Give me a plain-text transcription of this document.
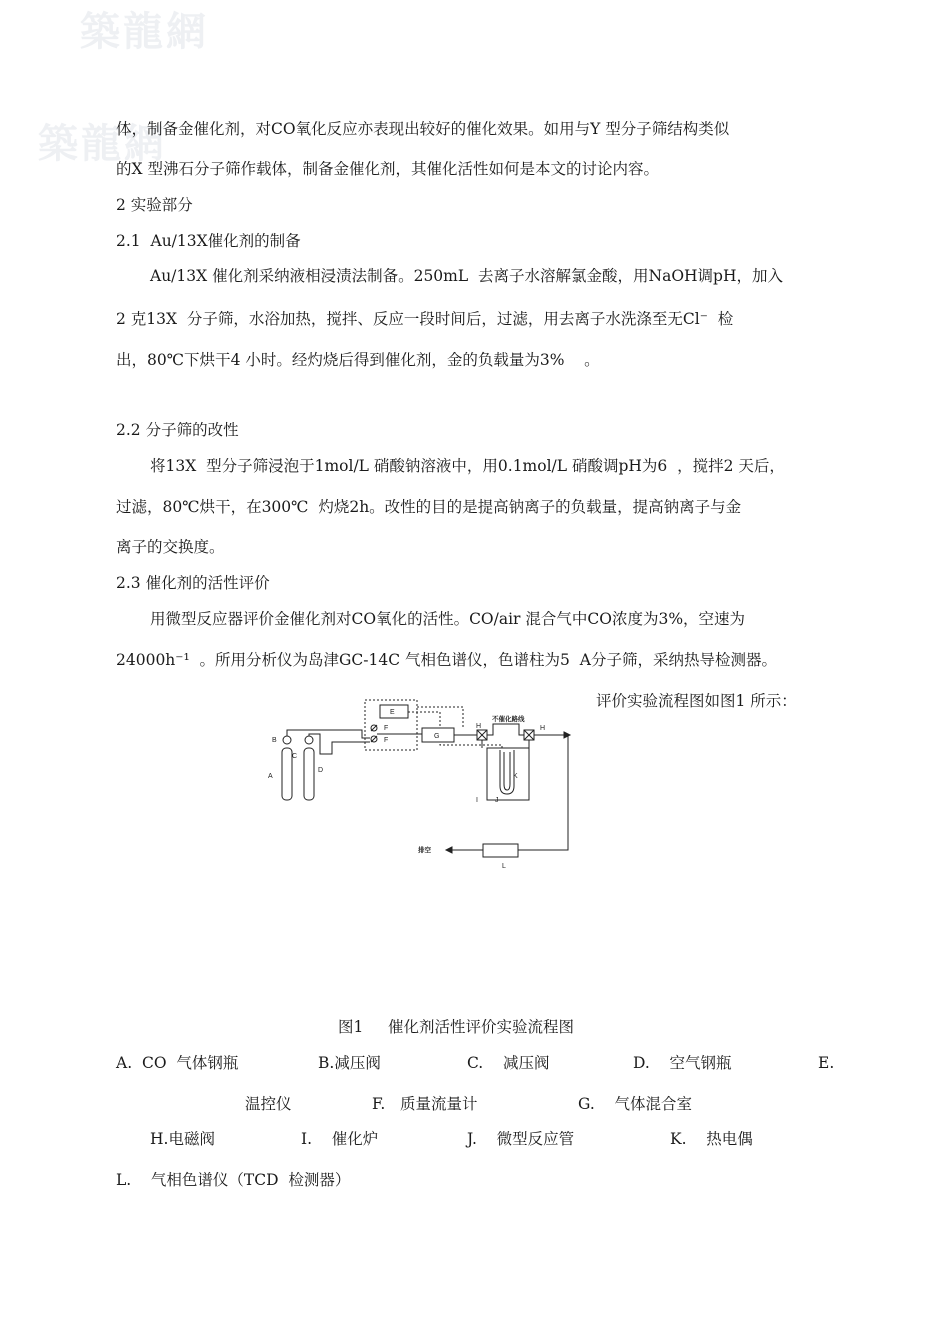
築龍網
築龍網
体，制备金催化剂，对CO氧化反应亦表现出较好的催化效果。如用与Y 型分子筛结构类似
的X 型沸石分子筛作载体，制备金催化剂，其催化活性如何是本文的讨论内容。
2 实验部分
2.1  Au/13X催化剂的制备
Au/13X 催化剂采纳液相浸渍法制备。250mL  去离子水溶解氯金酸，用NaOH调pH，加入
2 克13X  分子筛，水浴加热，搅拌、反应一段时间后，过滤，用去离子水洗涤至无Cl⁻  检
出，80℃下烘干4 小时。经灼烧后得到催化剂，金的负载量为3%    。
2.2 分子筛的改性
将13X  型分子筛浸泡于1mol/L 硝酸钠溶液中，用0.1mol/L 硝酸调pH为6  ，搅拌2 天后，
过滤，80℃烘干，在300℃  灼烧2h。改性的目的是提高钠离子的负载量，提高钠离子与金
离子的交换度。
2.3 催化剂的活性评价
用微型反应器评价金催化剂对CO氧化的活性。CO/air 混合气中CO浓度为3%，空速为
24000h⁻¹  。所用分析仪为岛津GC-14C 气相色谱仪，色谱柱为5  A分子筛，采纳热导检测器。
评价实验流程图如图1 所示：
A
B
C
D
E
F
F
G
H	H
不催化路线
I J
K
L
排空
图1     催化剂活性评价实验流程图
A.  CO  气体钢瓶	B.减压阀	C.    减压阀	D.    空气钢瓶	E.
温控仪	F.   质量流量计	G.    气体混合室
H.电磁阀	I.    催化炉	J.    微型反应管	K.    热电偶
L.    气相色谱仪（TCD  检测器）
